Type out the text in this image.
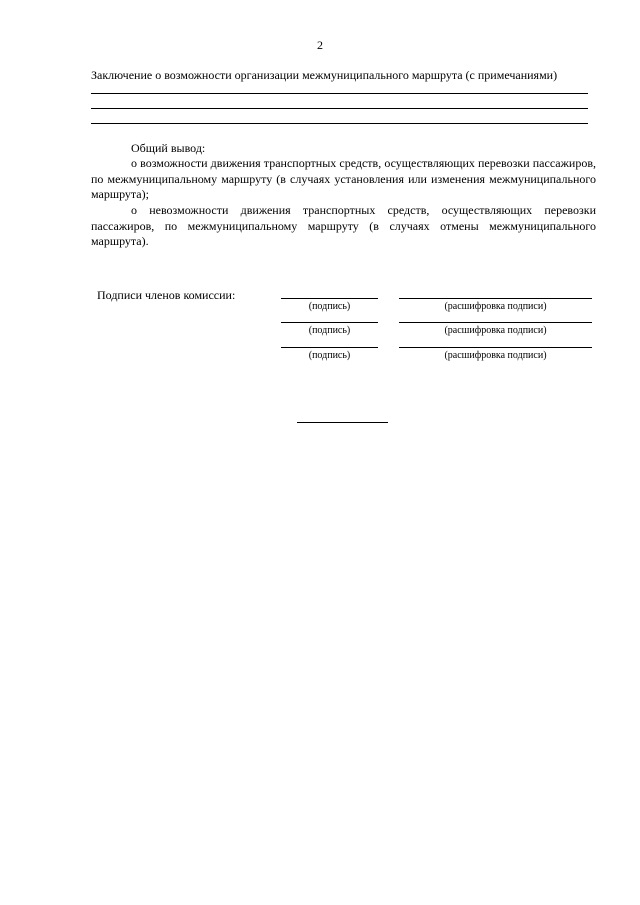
2
Заключение о возможности организации межмуниципального маршрута (с примечаниями)
Общий вывод:

о возможности движения транспортных средств, осуществляющих перевозки пассажиров, по межмуниципальному маршруту (в случаях установления или изменения межмуниципального маршрута);

о невозможности движения транспортных средств, осуществляющих перевозки пассажиров, по межмуниципальному маршруту (в случаях отмены межмуниципального маршрута).

Подписи членов комиссии:
(подпись)	(расшифровка подписи)
(подпись)	(расшифровка подписи)
(подпись)	(расшифровка подписи)
